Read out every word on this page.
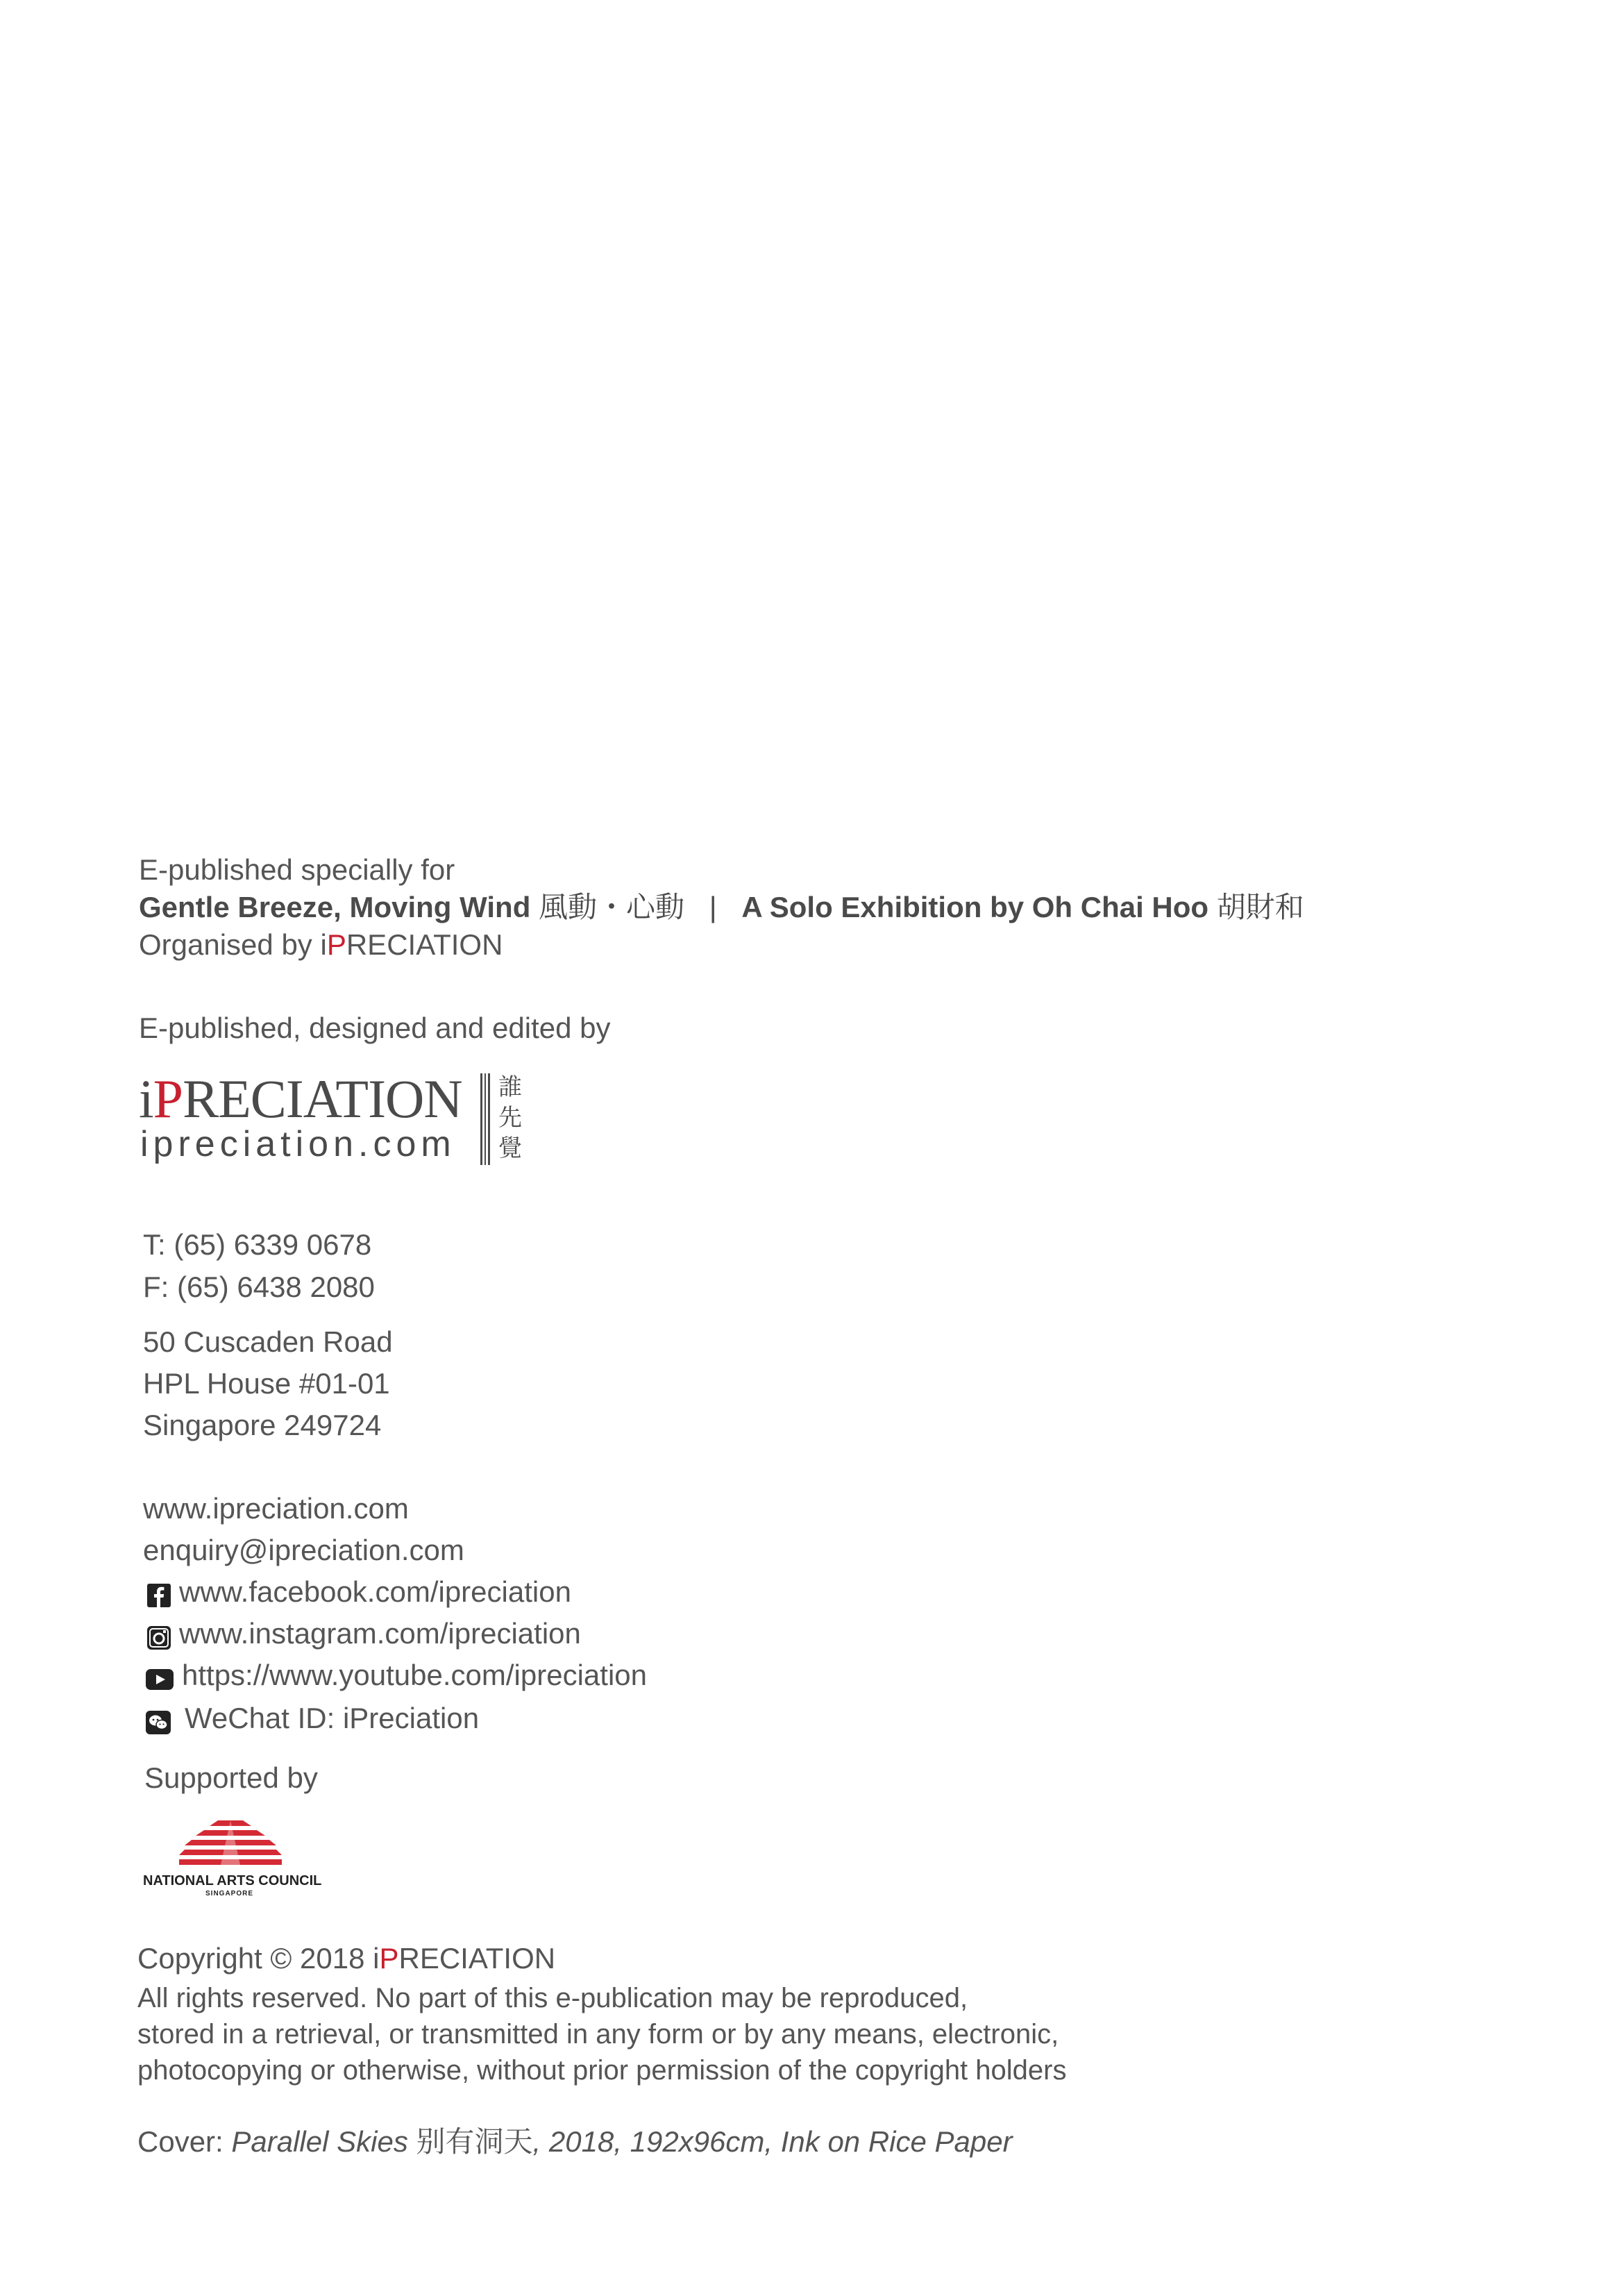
E-published specially for
Gentle Breeze, Moving Wind 風動・心動 | A Solo Exhibition by Oh Chai Hoo 胡財和
Organised by iPRECIATION
E-published, designed and edited by
iPRECIATION
ipreciation.com
誰
先
覺
T: (65) 6339 0678
F: (65) 6438 2080
50 Cuscaden Road
HPL House #01-01
Singapore 249724
www.ipreciation.com
enquiry@ipreciation.com
www.facebook.com/ipreciation
www.instagram.com/ipreciation
https://www.youtube.com/ipreciation
WeChat ID: iPreciation
Supported by
NATIONAL ARTS COUNCIL
SINGAPORE
Copyright © 2018 iPRECIATION
All rights reserved. No part of this e-publication may be reproduced,
stored in a retrieval, or transmitted in any form or by any means, electronic,
photocopying or otherwise, without prior permission of the copyright holders
Cover: Parallel Skies 别有洞天, 2018, 192x96cm, Ink on Rice Paper
